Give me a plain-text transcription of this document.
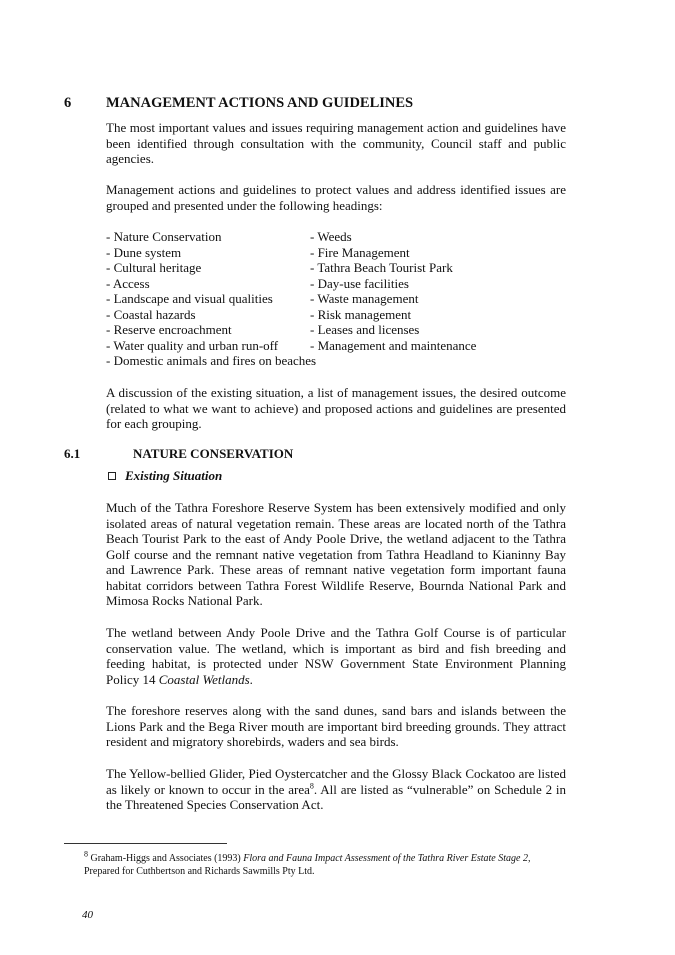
6 MANAGEMENT ACTIONS AND GUIDELINES
The most important values and issues requiring management action and guidelines have been identified through consultation with the community, Council staff and public agencies.
Management actions and guidelines to protect values and address identified issues are grouped and presented under the following headings:
- Nature Conservation
- Dune system
- Cultural heritage
- Access
- Landscape and visual qualities
- Coastal hazards
- Reserve encroachment
- Water quality and urban run-off
- Domestic animals and fires on beaches
- Weeds
- Fire Management
- Tathra Beach Tourist Park
- Day-use facilities
- Waste management
- Risk management
- Leases and licenses
- Management and maintenance
A discussion of the existing situation, a list of management issues, the desired outcome (related to what we want to achieve) and proposed actions and guidelines are presented for each grouping.
6.1	NATURE CONSERVATION
Existing Situation
Much of the Tathra Foreshore Reserve System has been extensively modified and only isolated areas of natural vegetation remain. These areas are located north of the Tathra Beach Tourist Park to the east of Andy Poole Drive, the wetland adjacent to the Tathra Golf course and the remnant native vegetation from Tathra Headland to Kianinny Bay and Lawrence Park. These areas of remnant native vegetation form important fauna habitat corridors between Tathra Forest Wildlife Reserve, Bournda National Park and Mimosa Rocks National Park.
The wetland between Andy Poole Drive and the Tathra Golf Course is of particular conservation value. The wetland, which is important as bird and fish breeding and feeding habitat, is protected under NSW Government State Environment Planning Policy 14 Coastal Wetlands.
The foreshore reserves along with the sand dunes, sand bars and islands between the Lions Park and the Bega River mouth are important bird breeding grounds. They attract resident and migratory shorebirds, waders and sea birds.
The Yellow-bellied Glider, Pied Oystercatcher and the Glossy Black Cockatoo are listed as likely or known to occur in the area$^8$. All are listed as “vulnerable” on Schedule 2 in the Threatened Species Conservation Act.
$^8$ Graham-Higgs and Associates (1993) Flora and Fauna Impact Assessment of the Tathra River Estate Stage 2, Prepared for Cuthbertson and Richards Sawmills Pty Ltd.
40
